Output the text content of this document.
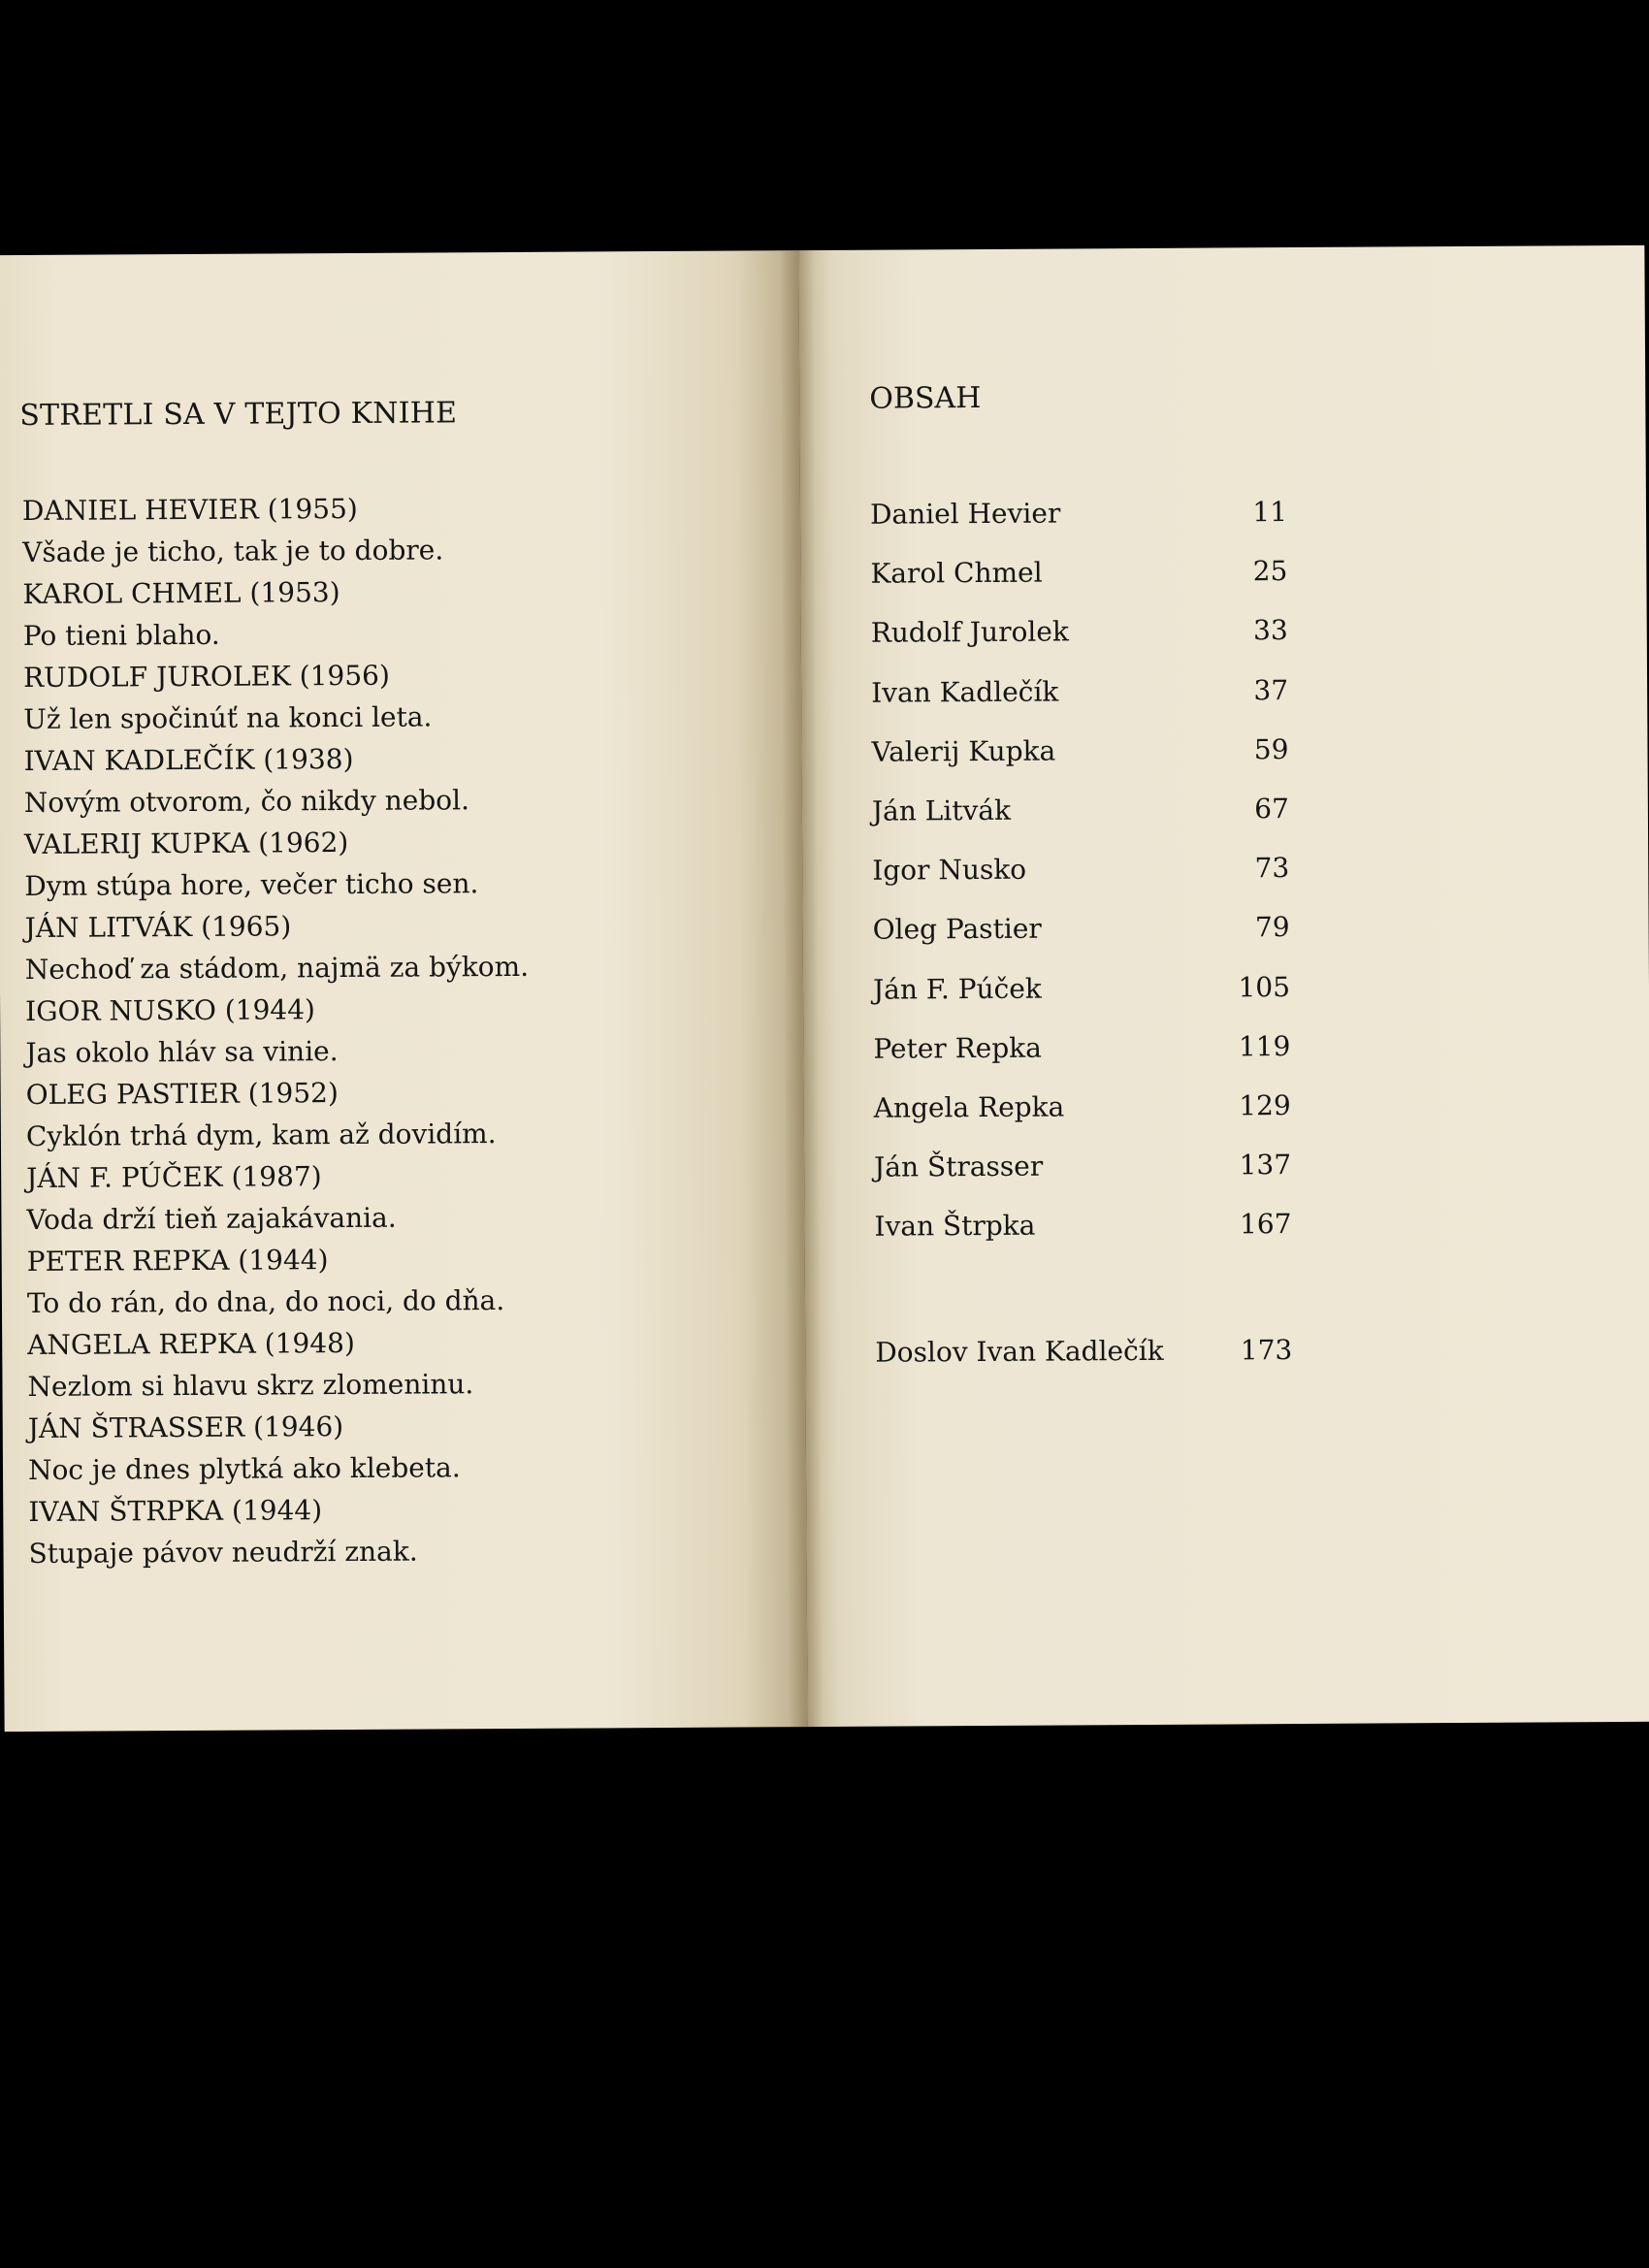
STRETLI SA V TEJTO KNIHE
DANIEL HEVIER (1955)
Všade je ticho, tak je to dobre.
KAROL CHMEL (1953)
Po tieni blaho.
RUDOLF JUROLEK (1956)
Už len spočinúť na konci leta.
IVAN KADLEČÍK (1938)
Novým otvorom, čo nikdy nebol.
VALERIJ KUPKA (1962)
Dym stúpa hore, večer ticho sen.
JÁN LITVÁK (1965)
Nechoď za stádom, najmä za býkom.
IGOR NUSKO (1944)
Jas okolo hláv sa vinie.
OLEG PASTIER (1952)
Cyklón trhá dym, kam až dovidím.
JÁN F. PÚČEK (1987)
Voda drží tieň zajakávania.
PETER REPKA (1944)
To do rán, do dna, do noci, do dňa.
ANGELA REPKA (1948)
Nezlom si hlavu skrz zlomeninu.
JÁN ŠTRASSER (1946)
Noc je dnes plytká ako klebeta.
IVAN ŠTRPKA (1944)
Stupaje pávov neudrží znak.
OBSAH
Daniel Hevier	11
Karol Chmel	25
Rudolf Jurolek	33
Ivan Kadlečík	37
Valerij Kupka	59
Ján Litvák	67
Igor Nusko	73
Oleg Pastier	79
Ján F. Púček	105
Peter Repka	119
Angela Repka	129
Ján Štrasser	137
Ivan Štrpka	167
Doslov Ivan Kadlečík	173
